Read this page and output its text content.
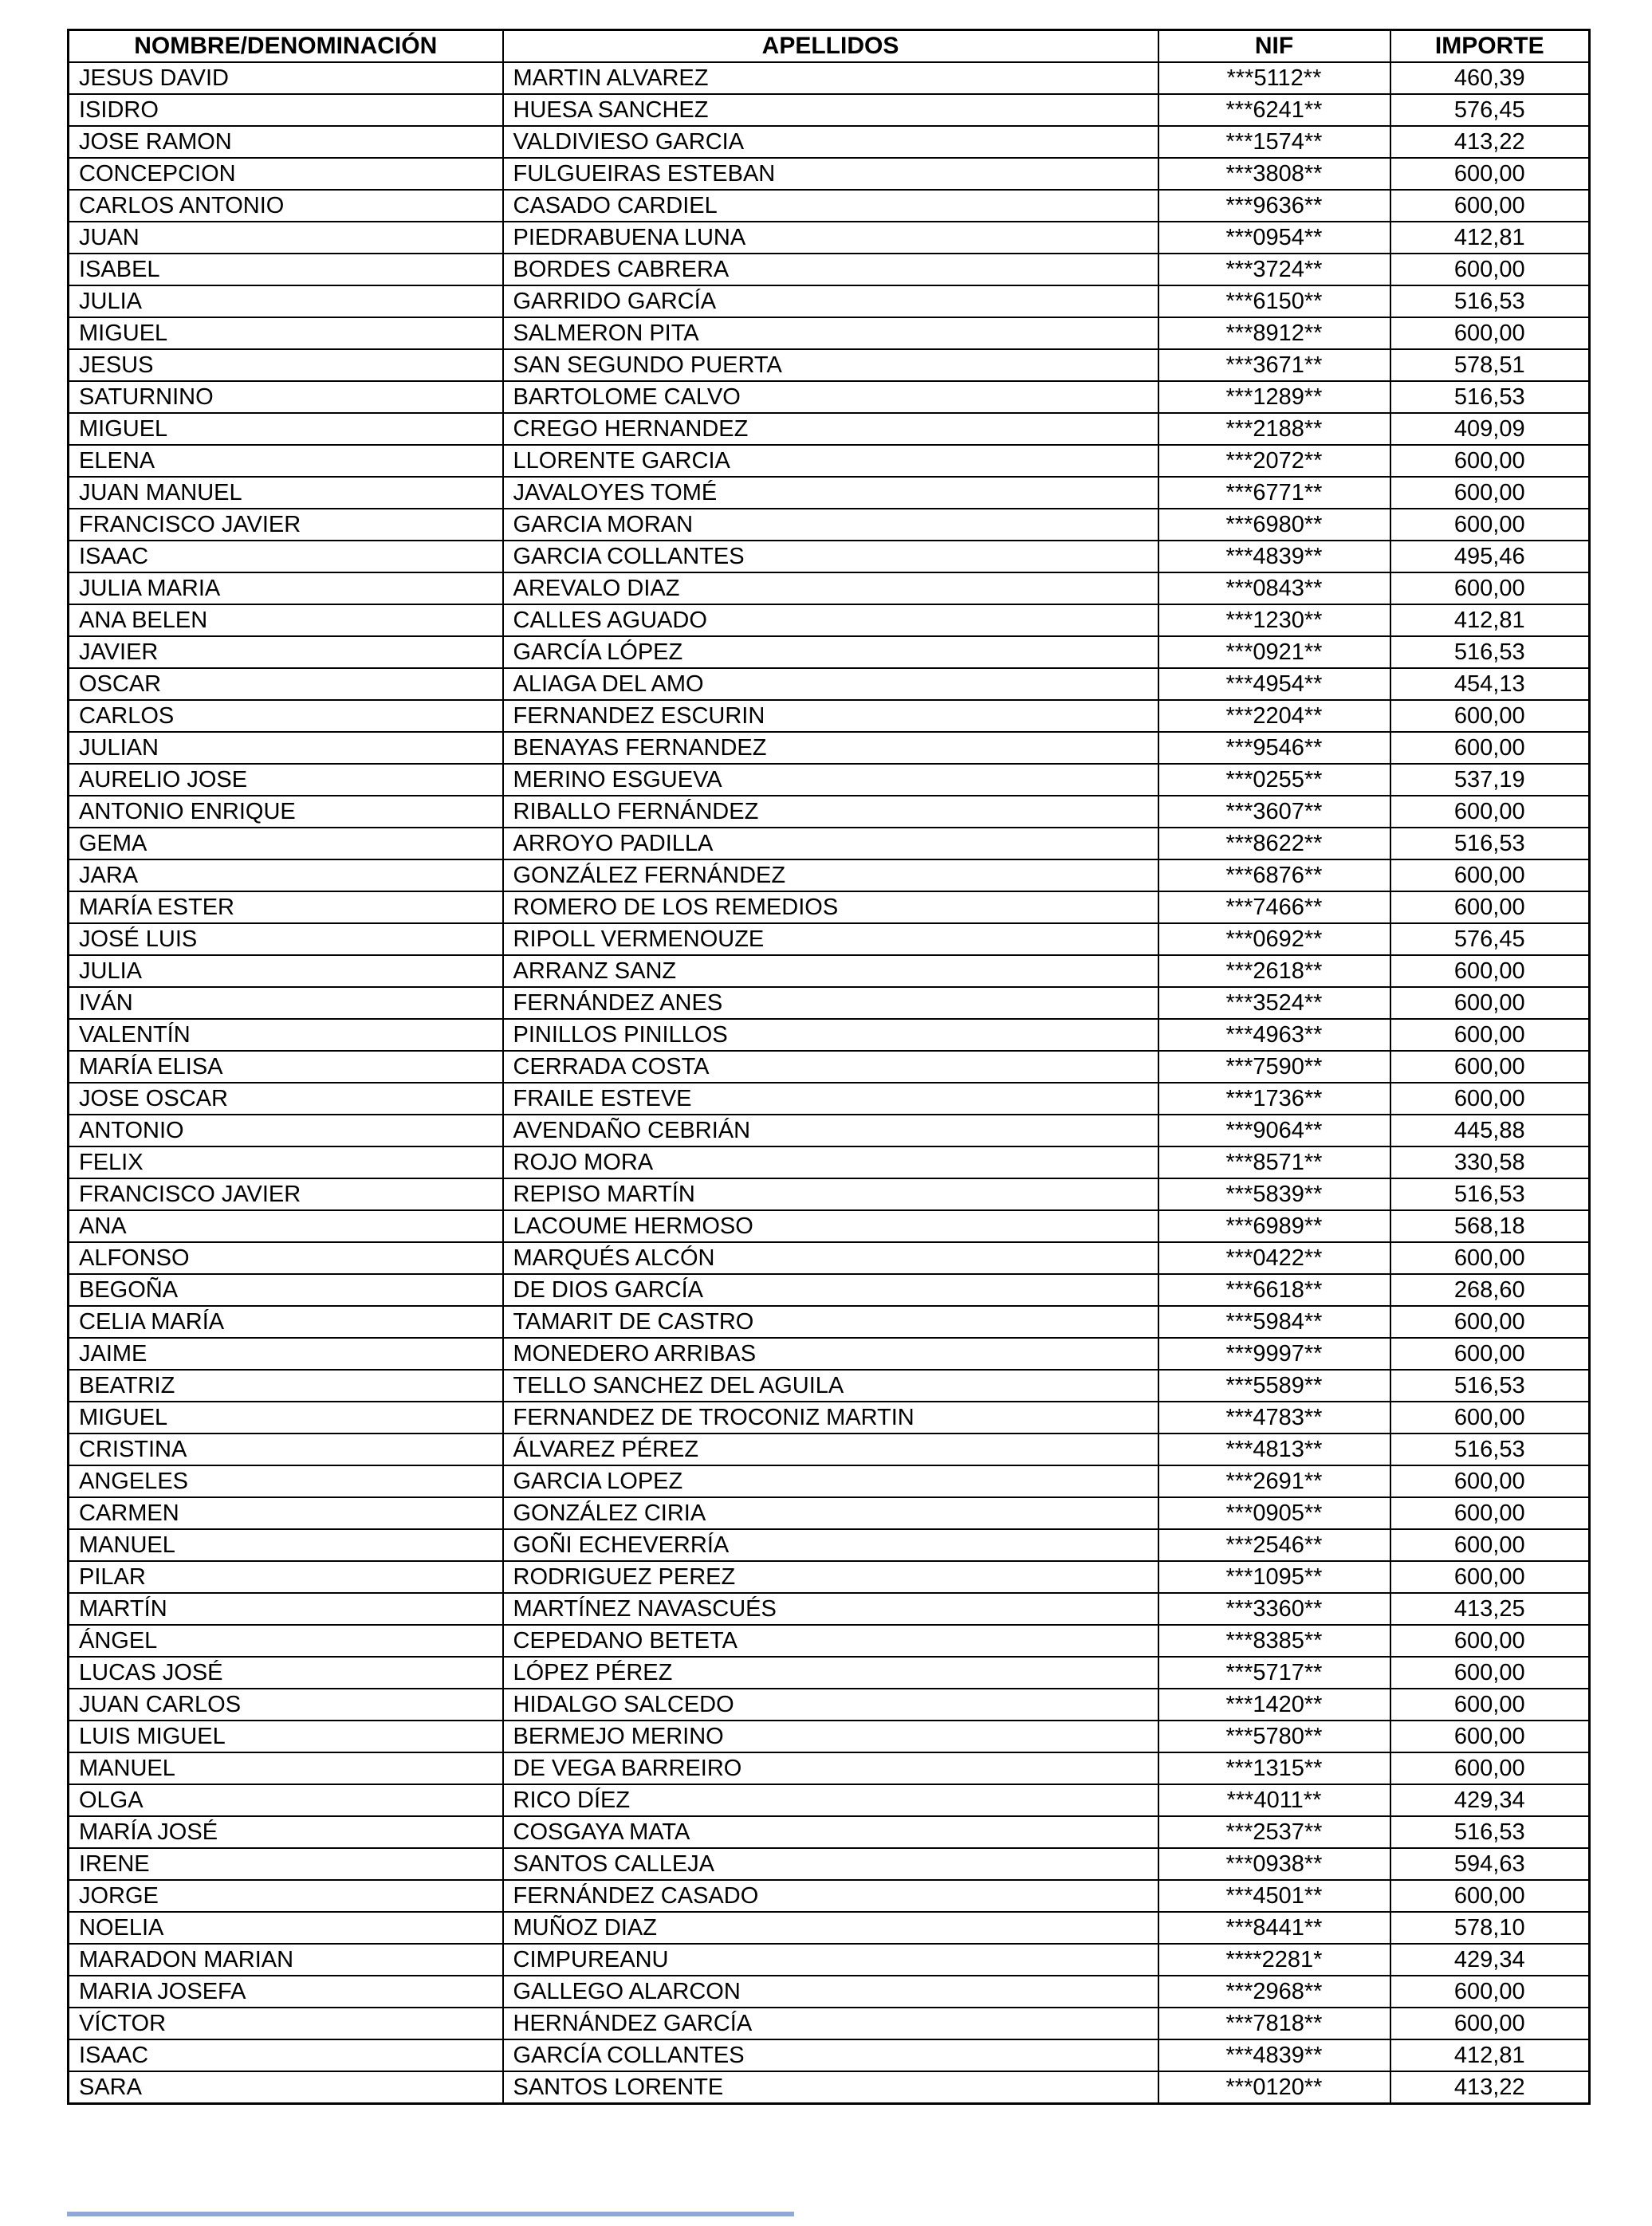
NOMBRE/DENOMINACIÓN	APELLIDOS	NIF	IMPORTE
JESUS DAVID	MARTIN ALVAREZ	***5112**	460,39
ISIDRO	HUESA SANCHEZ	***6241**	576,45
JOSE RAMON	VALDIVIESO GARCIA	***1574**	413,22
CONCEPCION	FULGUEIRAS ESTEBAN	***3808**	600,00
CARLOS ANTONIO	CASADO CARDIEL	***9636**	600,00
JUAN	PIEDRABUENA LUNA	***0954**	412,81
ISABEL	BORDES CABRERA	***3724**	600,00
JULIA	GARRIDO GARCÍA	***6150**	516,53
MIGUEL	SALMERON PITA	***8912**	600,00
JESUS	SAN SEGUNDO PUERTA	***3671**	578,51
SATURNINO	BARTOLOME CALVO	***1289**	516,53
MIGUEL	CREGO HERNANDEZ	***2188**	409,09
ELENA	LLORENTE GARCIA	***2072**	600,00
JUAN MANUEL	JAVALOYES TOMÉ	***6771**	600,00
FRANCISCO JAVIER	GARCIA MORAN	***6980**	600,00
ISAAC	GARCIA COLLANTES	***4839**	495,46
JULIA MARIA	AREVALO DIAZ	***0843**	600,00
ANA BELEN	CALLES AGUADO	***1230**	412,81
JAVIER	GARCÍA LÓPEZ	***0921**	516,53
OSCAR	ALIAGA DEL AMO	***4954**	454,13
CARLOS	FERNANDEZ ESCURIN	***2204**	600,00
JULIAN	BENAYAS FERNANDEZ	***9546**	600,00
AURELIO JOSE	MERINO ESGUEVA	***0255**	537,19
ANTONIO ENRIQUE	RIBALLO FERNÁNDEZ	***3607**	600,00
GEMA	ARROYO PADILLA	***8622**	516,53
JARA	GONZÁLEZ FERNÁNDEZ	***6876**	600,00
MARÍA ESTER	ROMERO DE LOS REMEDIOS	***7466**	600,00
JOSÉ LUIS	RIPOLL VERMENOUZE	***0692**	576,45
JULIA	ARRANZ SANZ	***2618**	600,00
IVÁN	FERNÁNDEZ ANES	***3524**	600,00
VALENTÍN	PINILLOS PINILLOS	***4963**	600,00
MARÍA ELISA	CERRADA COSTA	***7590**	600,00
JOSE OSCAR	FRAILE ESTEVE	***1736**	600,00
ANTONIO	AVENDAÑO CEBRIÁN	***9064**	445,88
FELIX	ROJO MORA	***8571**	330,58
FRANCISCO JAVIER	REPISO MARTÍN	***5839**	516,53
ANA	LACOUME HERMOSO	***6989**	568,18
ALFONSO	MARQUÉS ALCÓN	***0422**	600,00
BEGOÑA	DE DIOS GARCÍA	***6618**	268,60
CELIA MARÍA	TAMARIT DE CASTRO	***5984**	600,00
JAIME	MONEDERO ARRIBAS	***9997**	600,00
BEATRIZ	TELLO SANCHEZ DEL AGUILA	***5589**	516,53
MIGUEL	FERNANDEZ DE TROCONIZ MARTIN	***4783**	600,00
CRISTINA	ÁLVAREZ PÉREZ	***4813**	516,53
ANGELES	GARCIA LOPEZ	***2691**	600,00
CARMEN	GONZÁLEZ CIRIA	***0905**	600,00
MANUEL	GOÑI ECHEVERRÍA	***2546**	600,00
PILAR	RODRIGUEZ PEREZ	***1095**	600,00
MARTÍN	MARTÍNEZ NAVASCUÉS	***3360**	413,25
ÁNGEL	CEPEDANO BETETA	***8385**	600,00
LUCAS JOSÉ	LÓPEZ PÉREZ	***5717**	600,00
JUAN CARLOS	HIDALGO SALCEDO	***1420**	600,00
LUIS MIGUEL	BERMEJO MERINO	***5780**	600,00
MANUEL	DE VEGA BARREIRO	***1315**	600,00
OLGA	RICO DÍEZ	***4011**	429,34
MARÍA JOSÉ	COSGAYA MATA	***2537**	516,53
IRENE	SANTOS CALLEJA	***0938**	594,63
JORGE	FERNÁNDEZ CASADO	***4501**	600,00
NOELIA	MUÑOZ DIAZ	***8441**	578,10
MARADON MARIAN	CIMPUREANU	****2281*	429,34
MARIA JOSEFA	GALLEGO ALARCON	***2968**	600,00
VÍCTOR	HERNÁNDEZ GARCÍA	***7818**	600,00
ISAAC	GARCÍA COLLANTES	***4839**	412,81
SARA	SANTOS LORENTE	***0120**	413,22
